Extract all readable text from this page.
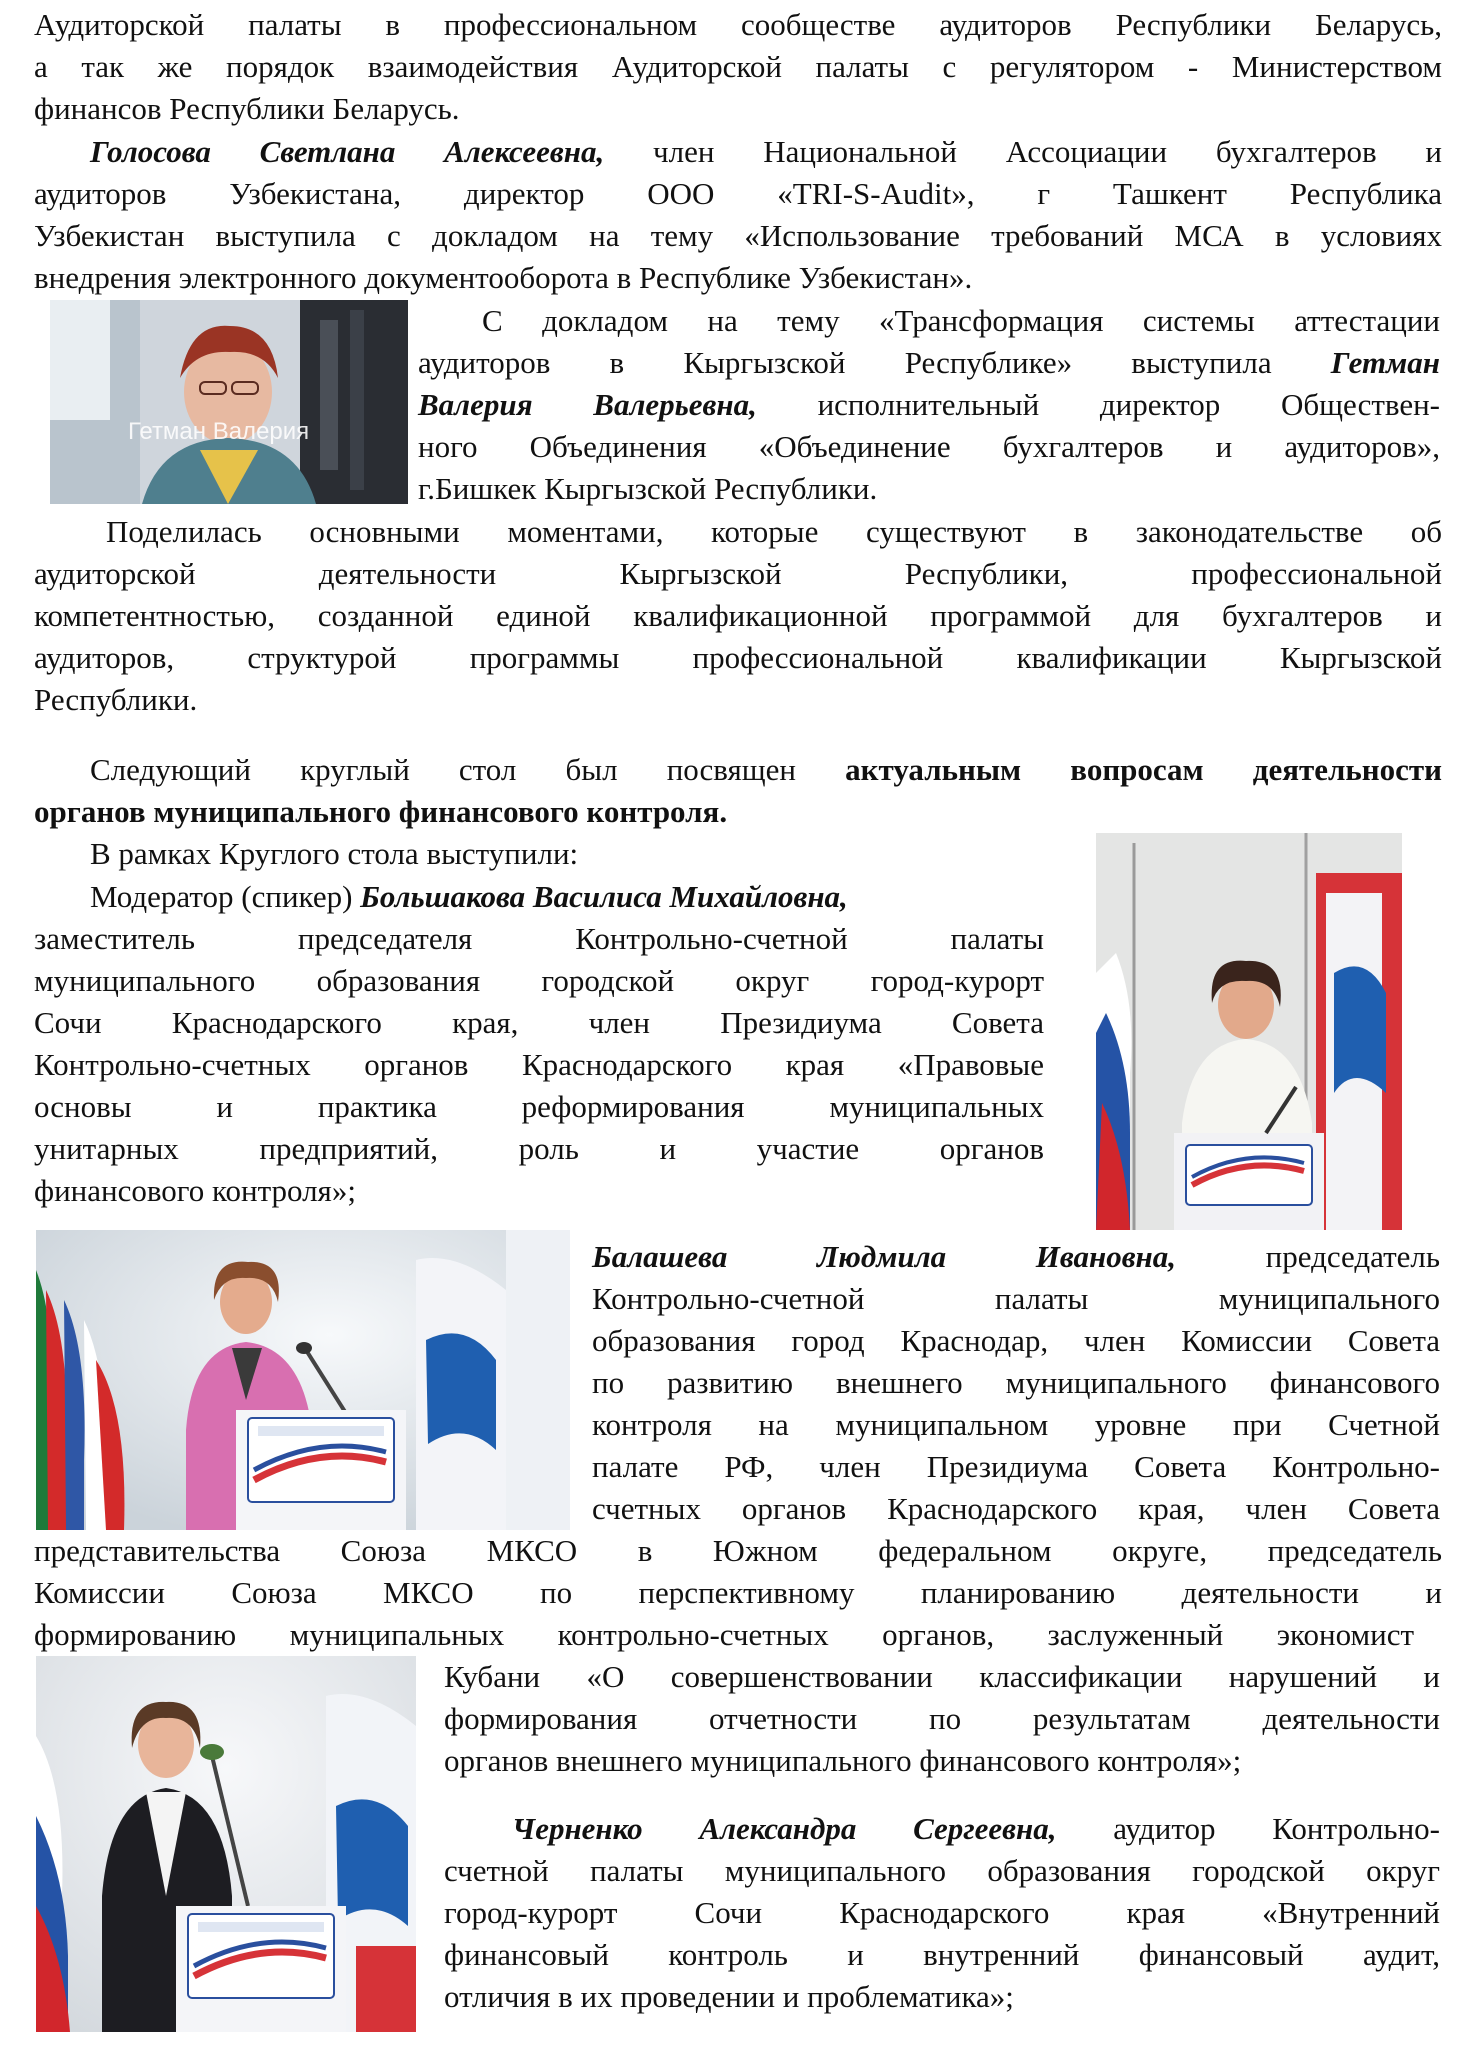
Аудиторской палаты в профессиональном сообществе аудиторов Республики Беларусь,

а так же порядок взаимодействия Аудиторской палаты с регулятором - Министерством

финансов Республики Беларусь.

Голосова Светлана Алексеевна, член Национальной Ассоциации бухгалтеров и

аудиторов Узбекистана, директор ООО «TRI-S-Audit», г Ташкент Республика

Узбекистан выступила с докладом на тему «Использование требований МСА в условиях

внедрения электронного документооборота в Республике Узбекистан».

Гетман Валерия

С докладом на тему «Трансформация системы аттестации

аудиторов в Кыргызской Республике» выступила Гетман

Валерия Валерьевна, исполнительный директор Обществен-

ного Объединения «Объединение бухгалтеров и аудиторов»,

г.Бишкек Кыргызской Республики.

Поделилась основными моментами, которые существуют в законодательстве об

аудиторской деятельности Кыргызской Республики, профессиональной

компетентностью, созданной единой квалификационной программой для бухгалтеров и

аудиторов, структурой программы профессиональной квалификации Кыргызской

Республики.

Следующий круглый стол был посвящен актуальным вопросам деятельности

органов муниципального финансового контроля.

В рамках Круглого стола выступили:

Модератор (спикер) Большакова Василиса Михайловна,

заместитель председателя Контрольно-счетной палаты

муниципального образования городской округ город-курорт

Сочи Краснодарского края, член Президиума Совета

Контрольно-счетных органов Краснодарского края «Правовые

основы и практика реформирования муниципальных

унитарных предприятий, роль и участие органов

финансового контроля»;

Балашева Людмила Ивановна,	председатель

Контрольно-счетной палаты муниципального

образования город Краснодар, член Комиссии Совета

по развитию внешнего муниципального финансового

контроля на муниципальном уровне при Счетной

палате РФ, член Президиума Совета Контрольно-

счетных органов Краснодарского края, член Совета

представительства Союза МКСО в Южном федеральном округе, председатель

Комиссии Союза МКСО по перспективному планированию деятельности и

формированию муниципальных контрольно-счетных органов, заслуженный экономист

Кубани «О совершенствовании классификации нарушений и

формирования отчетности по результатам деятельности

органов внешнего муниципального финансового контроля»;

Черненко Александра Сергеевна, аудитор Контрольно-

счетной палаты муниципального образования городской округ

город-курорт Сочи Краснодарского края «Внутренний

финансовый контроль и внутренний финансовый аудит,

отличия в их проведении и проблематика»;
